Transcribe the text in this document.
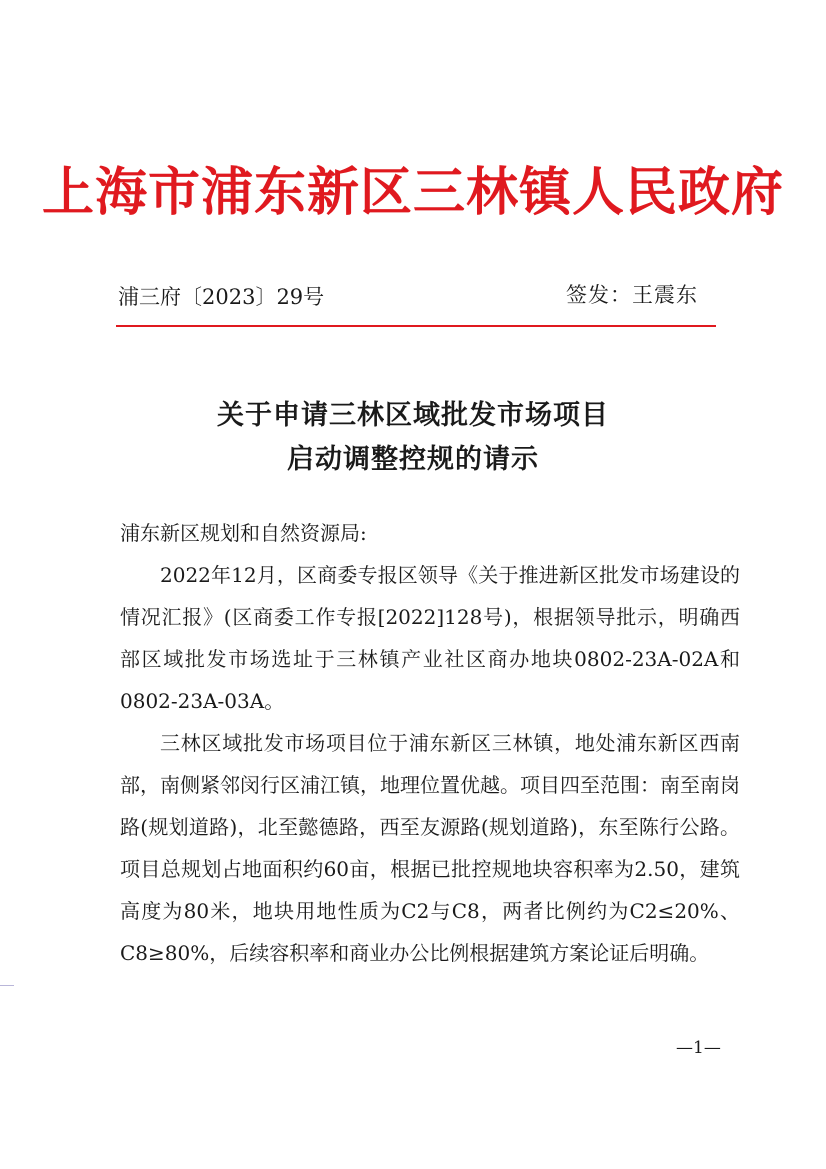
上海市浦东新区三林镇人民政府
浦三府〔2023〕29号	签发：王震东
关于申请三林区域批发市场项目
启动调整控规的请示

浦东新区规划和自然资源局:

2022年12月，区商委专报区领导《关于推进新区批发市场建设的情况汇报》(区商委工作专报[2022]128号)，根据领导批示，明确西部区域批发市场选址于三林镇产业社区商办地块0802-23A-02A和0802-23A-03A。

三林区域批发市场项目位于浦东新区三林镇，地处浦东新区西南部，南侧紧邻闵行区浦江镇，地理位置优越。项目四至范围：南至南岗路(规划道路)，北至懿德路，西至友源路(规划道路)，东至陈行公路。项目总规划占地面积约60亩，根据已批控规地块容积率为2.50，建筑高度为80米，地块用地性质为C2与C8，两者比例约为C2≤20%、C8≥80%，后续容积率和商业办公比例根据建筑方案论证后明确。

—1—
